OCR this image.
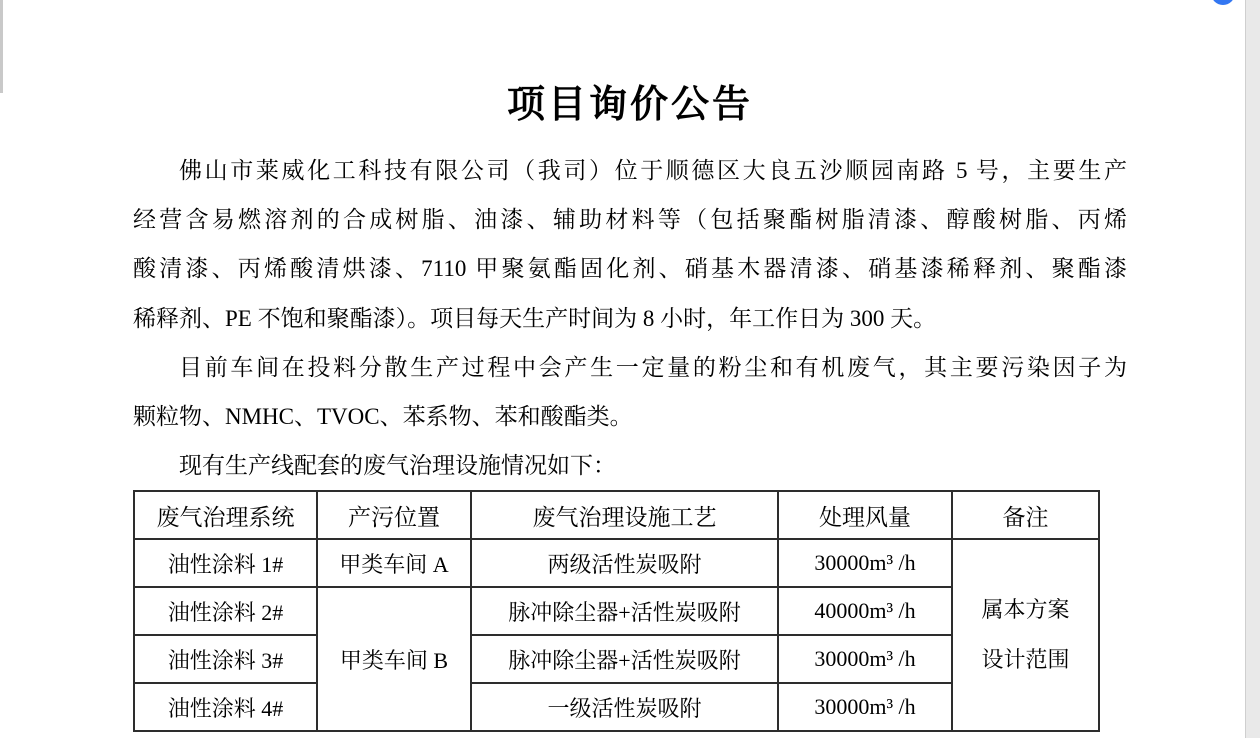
项目询价公告
佛山市莱威化工科技有限公司（我司）位于顺德区大良五沙顺园南路 5 号，主要生产
经营含易燃溶剂的合成树脂、油漆、辅助材料等（包括聚酯树脂清漆、醇酸树脂、丙烯
酸清漆、丙烯酸清烘漆、7110 甲聚氨酯固化剂、硝基木器清漆、硝基漆稀释剂、聚酯漆
稀释剂、PE 不饱和聚酯漆）。项目每天生产时间为 8 小时，年工作日为 300 天。
目前车间在投料分散生产过程中会产生一定量的粉尘和有机废气，其主要污染因子为
颗粒物、NMHC、TVOC、苯系物、苯和酸酯类。
现有生产线配套的废气治理设施情况如下：
废气治理系统	产污位置	废气治理设施工艺	处理风量	备注
油性涂料 1#	甲类车间 A	两级活性炭吸附	30000m³ /h	属本方案
设计范围

油性涂料 2#	甲类车间 B	脉冲除尘器+活性炭吸附	40000m³ /h	
油性涂料 3#		脉冲除尘器+活性炭吸附	30000m³ /h	
油性涂料 4#		一级活性炭吸附	30000m³ /h	
